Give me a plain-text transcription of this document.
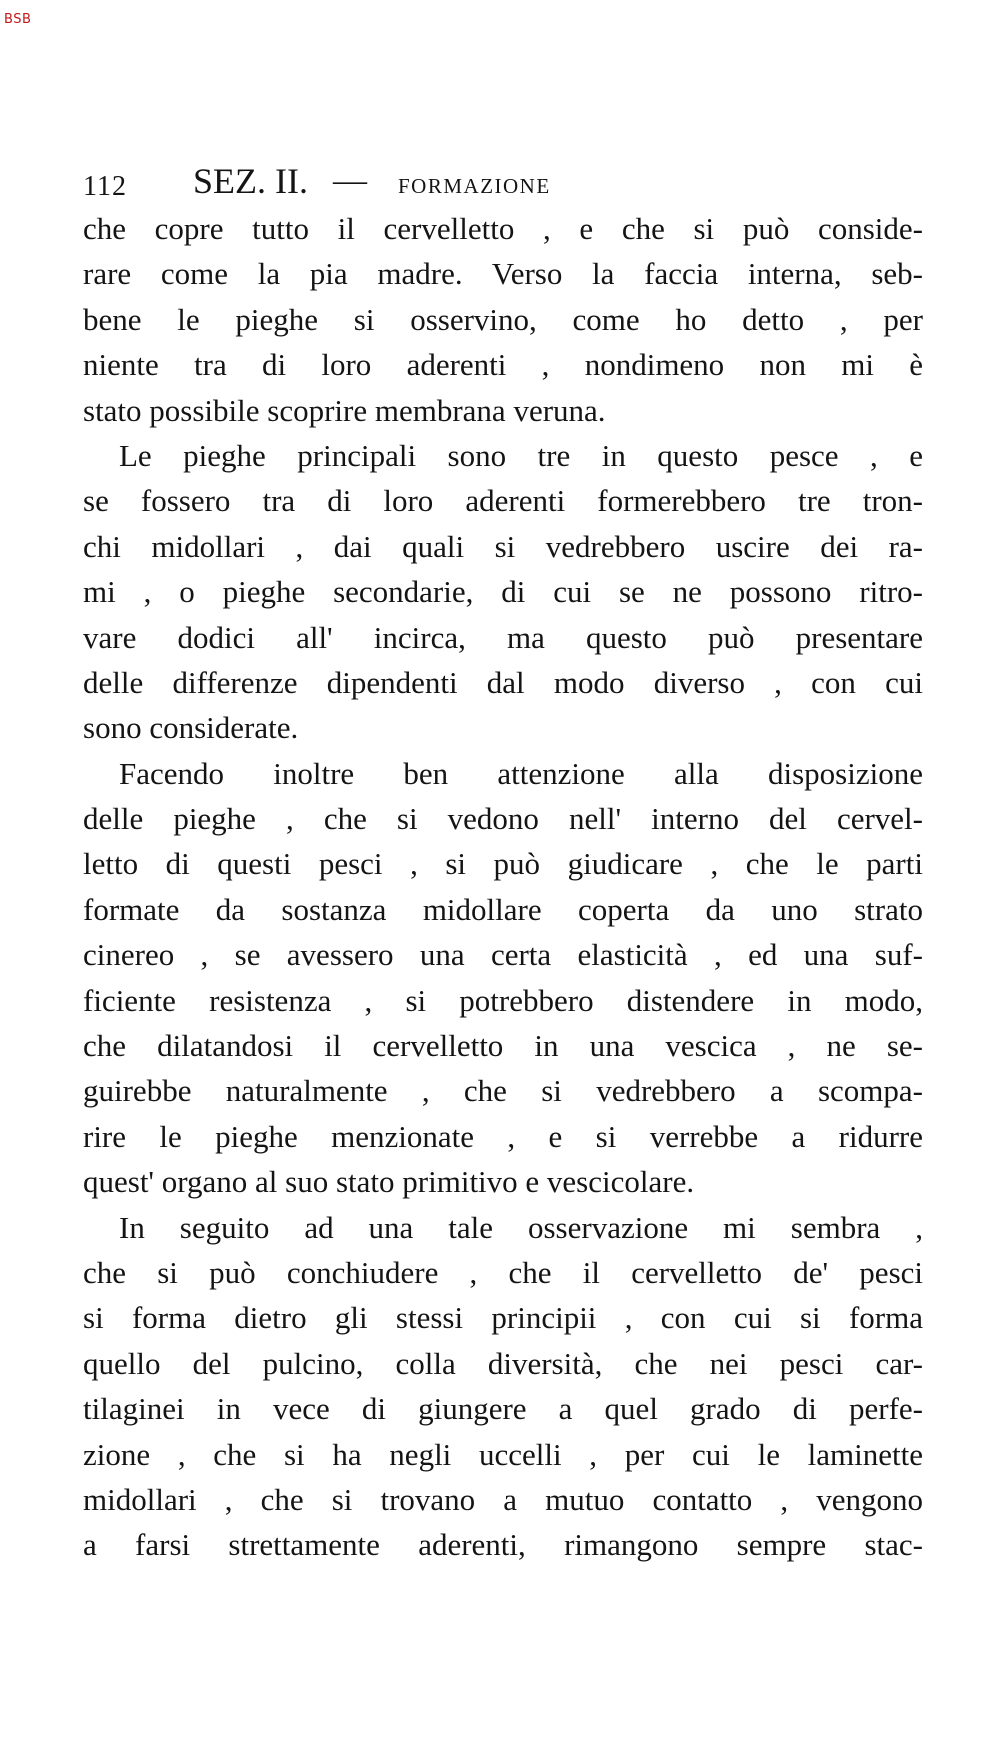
BSB
112 SEZ. II. — FORMAZIONE
che copre tutto il cervelletto , e che si può conside-
rare come la pia madre. Verso la faccia interna, seb-
bene le pieghe si osservino, come ho detto , per
niente tra di loro aderenti , nondimeno non mi è
stato possibile scoprire membrana veruna.
Le pieghe principali sono tre in questo pesce , e
se fossero tra di loro aderenti formerebbero tre tron-
chi midollari , dai quali si vedrebbero uscire dei ra-
mi , o pieghe secondarie, di cui se ne possono ritro-
vare dodici all' incirca, ma questo può presentare
delle differenze dipendenti dal modo diverso , con cui
sono considerate.
Facendo inoltre ben attenzione alla disposizione
delle pieghe , che si vedono nell' interno del cervel-
letto di questi pesci , si può giudicare , che le parti
formate da sostanza midollare coperta da uno strato
cinereo , se avessero una certa elasticità , ed una suf-
ficiente resistenza , si potrebbero distendere in modo,
che dilatandosi il cervelletto in una vescica , ne se-
guirebbe naturalmente , che si vedrebbero a scompa-
rire le pieghe menzionate , e si verrebbe a ridurre
quest' organo al suo stato primitivo e vescicolare.
In seguito ad una tale osservazione mi sembra ,
che si può conchiudere , che il cervelletto de' pesci
si forma dietro gli stessi principii , con cui si forma
quello del pulcino, colla diversità, che nei pesci car-
tilaginei in vece di giungere a quel grado di perfe-
zione , che si ha negli uccelli , per cui le laminette
midollari , che si trovano a mutuo contatto , vengono
a farsi strettamente aderenti, rimangono sempre stac-
